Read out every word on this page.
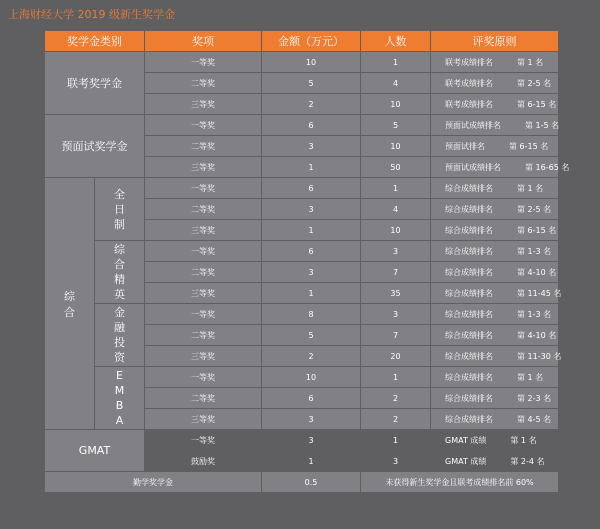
上海财经大学 2019 级新生奖学金
奖学金类别		奖项	金额（万元）	人数	评奖原则
联考奖学金		一等奖	10	1	联考成绩排名 第 1 名
		二等奖	5	4	联考成绩排名 第 2-5 名
		三等奖	2	10	联考成绩排名 第 6-15 名
预面试奖学金		一等奖	6	5	预面试成绩排名 第 1-5 名
		二等奖	3	10	预面试排名 第 6-15 名
		三等奖	1	50	预面试成绩排名 第 16-65 名
综合	全日制	一等奖	6	1	综合成绩排名 第 1 名
		二等奖	3	4	综合成绩排名 第 2-5 名
		三等奖	1	10	综合成绩排名 第 6-15 名
	综合精英	一等奖	6	3	综合成绩排名 第 1-3 名
		二等奖	3	7	综合成绩排名 第 4-10 名
		三等奖	1	35	综合成绩排名 第 11-45 名
	金融投资	一等奖	8	3	综合成绩排名 第 1-3 名
		二等奖	5	7	综合成绩排名 第 4-10 名
		三等奖	2	20	综合成绩排名 第 11-30 名
	EMBA	一等奖	10	1	综合成绩排名 第 1 名
		二等奖	6	2	综合成绩排名 第 2-3 名
		三等奖	3	2	综合成绩排名 第 4-5 名
GMAT		一等奖	3	1	GMAT 成绩 第 1 名
		鼓励奖	1	3	GMAT 成绩 第 2-4 名
勤学奖学金			0.5	未获得新生奖学金且联考成绩排名前 60%	
